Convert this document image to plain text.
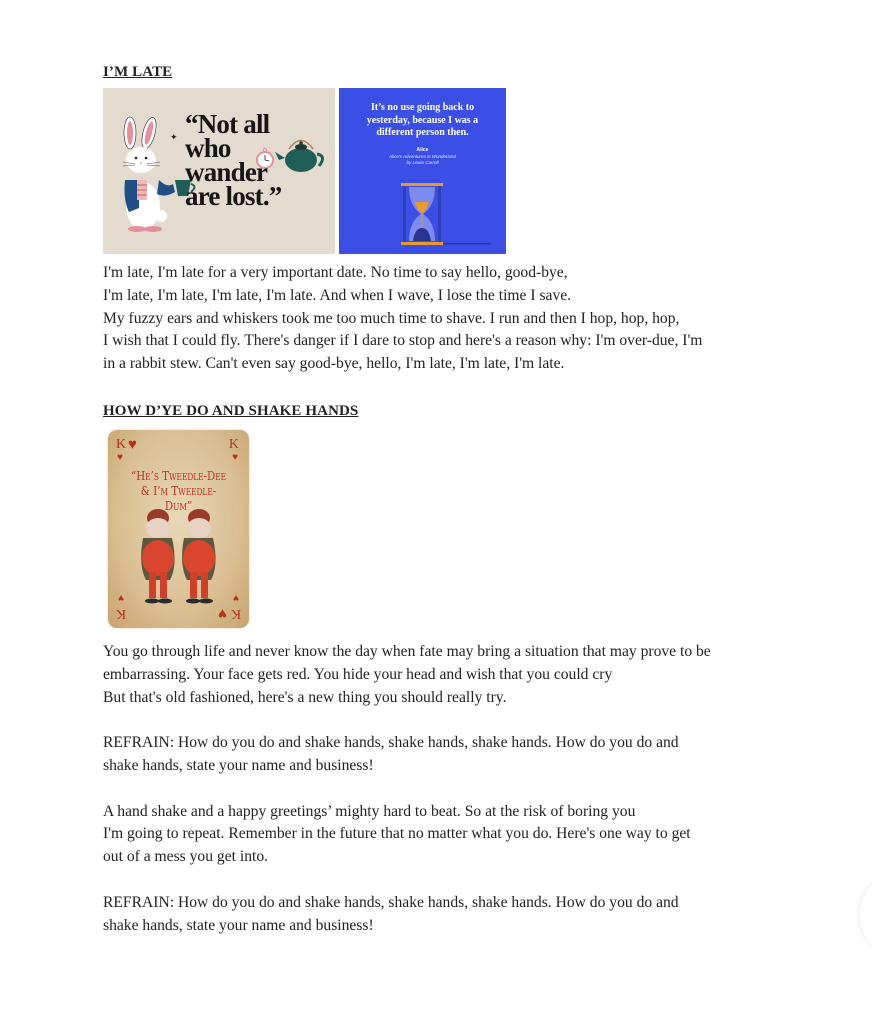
I’M LATE
✦ “Not all
who
wander
are lost.”
It’s no use going back to yesterday, because I was a different person then.
Alice
Alice’s Adventures in Wonderland
by Lewis Carroll

I'm late, I'm late for a very important date. No time to say hello, good-bye,
I'm late, I'm late, I'm late, I'm late. And when I wave, I lose the time I save.
My fuzzy ears and whiskers took me too much time to shave. I run and then I hop, hop, hop,
I wish that I could fly. There's danger if I dare to stop and here's a reason why: I'm over-due, I'm
in a rabbit stew. Can't even say good-bye, hello, I'm late, I'm late, I'm late.

HOW D’YE DO AND SHAKE HANDS
K ♥	K
♥	♥
“He’s Tweedle-Dee
& I’m Tweedle-Dum”
♥	♥
K	♥ K

You go through life and never know the day when fate may bring a situation that may prove to be
embarrassing. Your face gets red. You hide your head and wish that you could cry
But that's old fashioned, here's a new thing you should really try.

REFRAIN: How do you do and shake hands, shake hands, shake hands. How do you do and
shake hands, state your name and business!

A hand shake and a happy greetings’ mighty hard to beat. So at the risk of boring you
I'm going to repeat. Remember in the future that no matter what you do. Here's one way to get
out of a mess you get into.

REFRAIN: How do you do and shake hands, shake hands, shake hands. How do you do and
shake hands, state your name and business!
